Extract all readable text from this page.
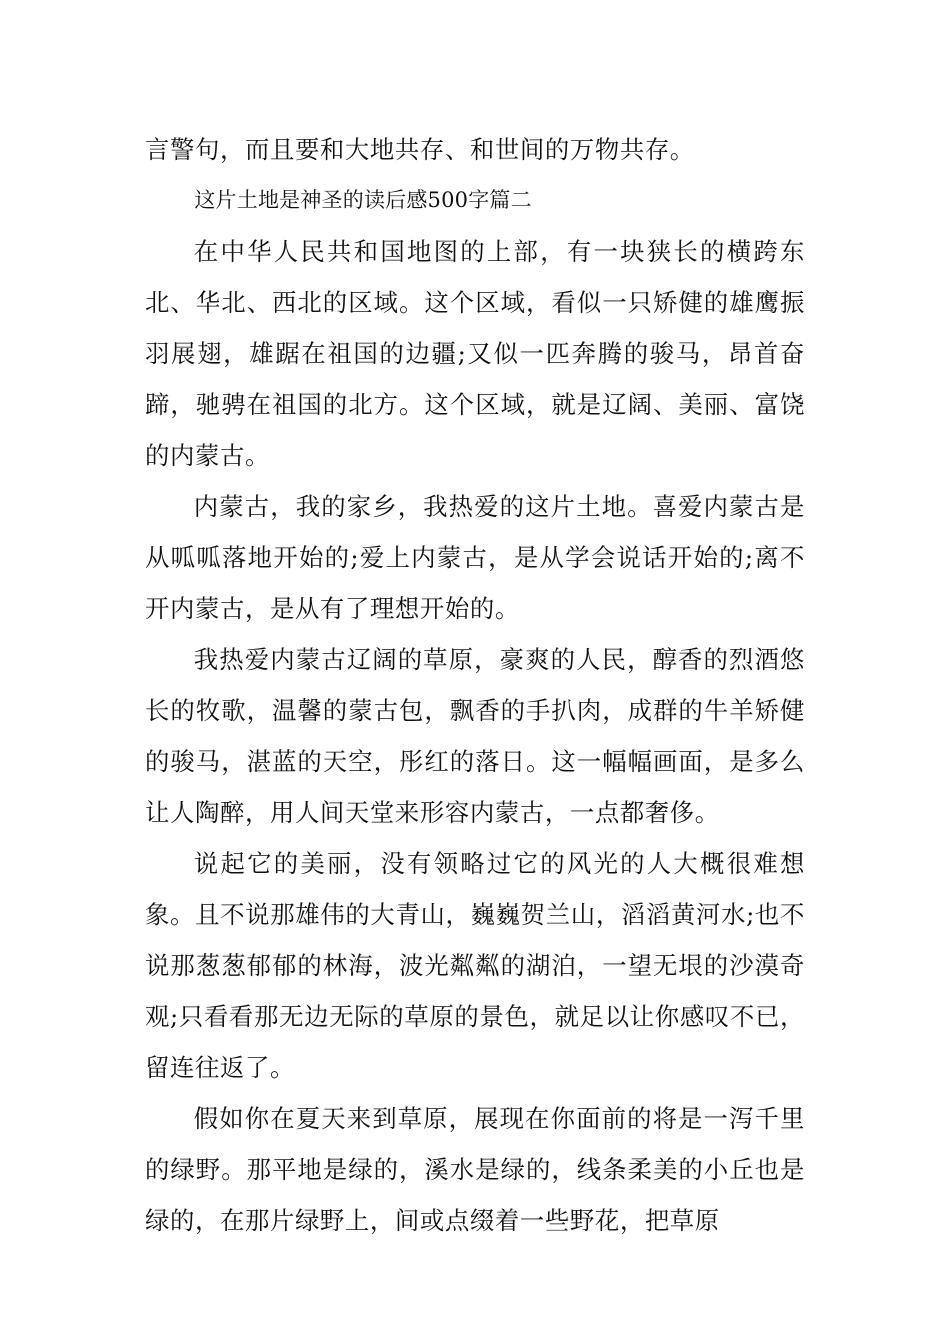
言警句，而且要和大地共存、和世间的万物共存。

这片土地是神圣的读后感500字篇二

在中华人民共和国地图的上部，有一块狭长的横跨东北、华北、西北的区域。这个区域，看似一只矫健的雄鹰振羽展翅，雄踞在祖国的边疆;又似一匹奔腾的骏马，昂首奋蹄，驰骋在祖国的北方。这个区域，就是辽阔、美丽、富饶的内蒙古。

内蒙古，我的家乡，我热爱的这片土地。喜爱内蒙古是从呱呱落地开始的;爱上内蒙古，是从学会说话开始的;离不开内蒙古，是从有了理想开始的。

我热爱内蒙古辽阔的草原，豪爽的人民，醇香的烈酒悠长的牧歌，温馨的蒙古包，飘香的手扒肉，成群的牛羊矫健的骏马，湛蓝的天空，彤红的落日。这一幅幅画面，是多么让人陶醉，用人间天堂来形容内蒙古，一点都奢侈。

说起它的美丽，没有领略过它的风光的人大概很难想象。且不说那雄伟的大青山，巍巍贺兰山，滔滔黄河水;也不说那葱葱郁郁的林海，波光粼粼的湖泊，一望无垠的沙漠奇观;只看看那无边无际的草原的景色，就足以让你感叹不已，留连往返了。

假如你在夏天来到草原，展现在你面前的将是一泻千里的绿野。那平地是绿的，溪水是绿的，线条柔美的小丘也是绿的，在那片绿野上，间或点缀着一些野花，把草原
